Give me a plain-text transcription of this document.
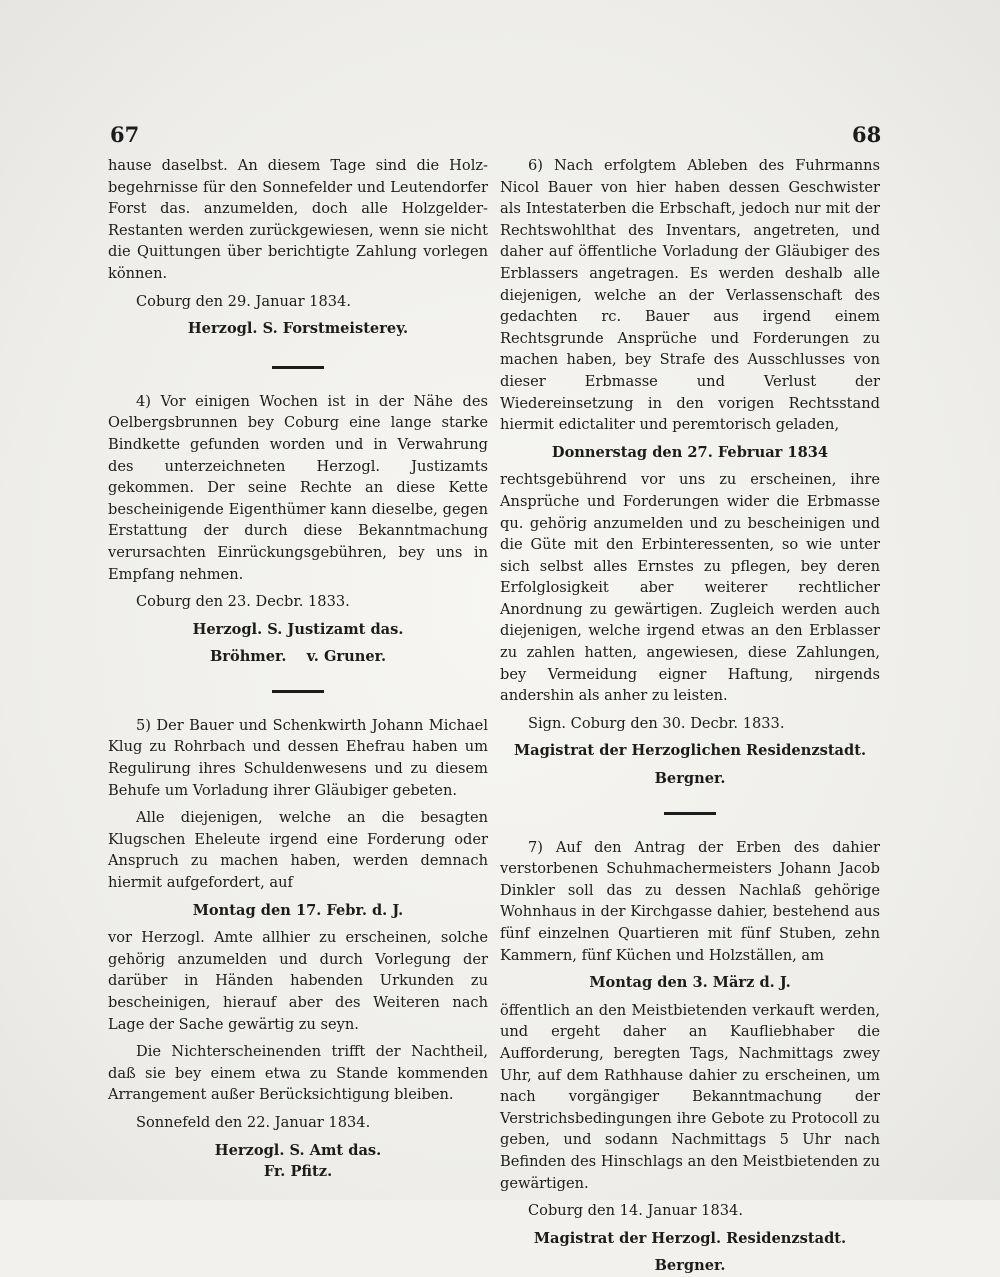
67	68

hause daselbst. An diesem Tage sind die Holz-begehrnisse für den Sonnefelder und Leutendorfer Forst das. anzumelden, doch alle Holzgelder-Restanten werden zurückgewiesen, wenn sie nicht die Quittungen über berichtigte Zahlung vorlegen können.

Coburg den 29. Januar 1834.

Herzogl. S. Forstmeisterey.

4) Vor einigen Wochen ist in der Nähe des Oelbergsbrunnen bey Coburg eine lange starke Bindkette gefunden worden und in Verwahrung des unterzeichneten Herzogl. Justizamts gekommen. Der seine Rechte an diese Kette bescheinigende Eigenthümer kann dieselbe, gegen Erstattung der durch diese Bekanntmachung verursachten Einrückungsgebühren, bey uns in Empfang nehmen.

Coburg den 23. Decbr. 1833.

Herzogl. S. Justizamt das.

Bröhmer.    v. Gruner.

5) Der Bauer und Schenkwirth Johann Michael Klug zu Rohrbach und dessen Ehefrau haben um Regulirung ihres Schuldenwesens und zu diesem Behufe um Vorladung ihrer Gläubiger gebeten.

Alle diejenigen, welche an die besagten Klugschen Eheleute irgend eine Forderung oder Anspruch zu machen haben, werden demnach hiermit aufgefordert, auf

Montag den 17. Febr. d. J.

vor Herzogl. Amte allhier zu erscheinen, solche gehörig anzumelden und durch Vorlegung der darüber in Händen habenden Urkunden zu bescheinigen, hierauf aber des Weiteren nach Lage der Sache gewärtig zu seyn.

Die Nichterscheinenden trifft der Nachtheil, daß sie bey einem etwa zu Stande kommenden Arrangement außer Berücksichtigung bleiben.

Sonnefeld den 22. Januar 1834.

Herzogl. S. Amt das.

Fr. Pfitz.

6) Nach erfolgtem Ableben des Fuhrmanns Nicol Bauer von hier haben dessen Geschwister als Intestaterben die Erbschaft, jedoch nur mit der Rechtswohlthat des Inventars, angetreten, und daher auf öffentliche Vorladung der Gläubiger des Erblassers angetragen. Es werden deshalb alle diejenigen, welche an der Verlassenschaft des gedachten rc. Bauer aus irgend einem Rechtsgrunde Ansprüche und Forderungen zu machen haben, bey Strafe des Ausschlusses von dieser Erbmasse und Verlust der Wiedereinsetzung in den vorigen Rechtsstand hiermit edictaliter und peremtorisch geladen,

Donnerstag den 27. Februar 1834

rechtsgebührend vor uns zu erscheinen, ihre Ansprüche und Forderungen wider die Erbmasse qu. gehörig anzumelden und zu bescheinigen und die Güte mit den Erbinteressenten, so wie unter sich selbst alles Ernstes zu pflegen, bey deren Erfolglosigkeit aber weiterer rechtlicher Anordnung zu gewärtigen. Zugleich werden auch diejenigen, welche irgend etwas an den Erblasser zu zahlen hatten, angewiesen, diese Zahlungen, bey Vermeidung eigner Haftung, nirgends andershin als anher zu leisten.

Sign. Coburg den 30. Decbr. 1833.

Magistrat der Herzoglichen Residenzstadt.

Bergner.

7) Auf den Antrag der Erben des dahier verstorbenen Schuhmachermeisters Johann Jacob Dinkler soll das zu dessen Nachlaß gehörige Wohnhaus in der Kirchgasse dahier, bestehend aus fünf einzelnen Quartieren mit fünf Stuben, zehn Kammern, fünf Küchen und Holzställen, am

Montag den 3. März d. J.

öffentlich an den Meistbietenden verkauft werden, und ergeht daher an Kaufliebhaber die Aufforderung, beregten Tags, Nachmittags zwey Uhr, auf dem Rathhause dahier zu erscheinen, um nach vorgängiger Bekanntmachung der Verstrichsbedingungen ihre Gebote zu Protocoll zu geben, und sodann Nachmittags 5 Uhr nach Befinden des Hinschlags an den Meistbietenden zu gewärtigen.

Coburg den 14. Januar 1834.

Magistrat der Herzogl. Residenzstadt.

Bergner.
